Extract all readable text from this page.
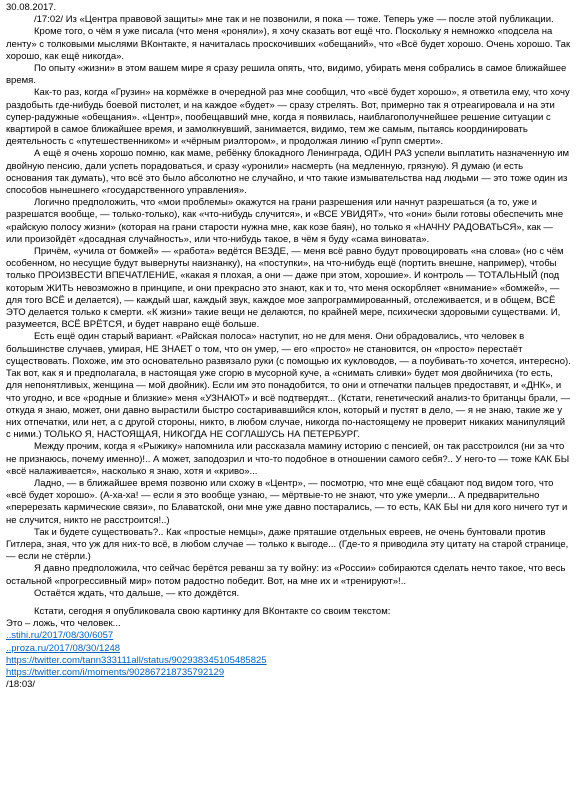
30.08.2017.

/17:02/ Из «Центра правовой защиты» мне так и не позвонили, я пока — тоже. Теперь уже — после этой публикации.

Кроме того, о чём я уже писала (что меня «роняли»), я хочу сказать вот ещё что. Поскольку я немножко «подсела на ленту» с толковыми мыслями ВКонтакте, я начиталась проскочивших «обещаний», что «Всё будет хорошо. Очень хорошо. Так хорошо, как ещё никогда».

По опыту «жизни» в этом вашем мире я сразу решила опять, что, видимо, убирать меня собрались в самое ближайшее время.

Как-то раз, когда «Грузин» на кормёжке в очередной раз мне сообщил, что «всё будет хорошо», я ответила ему, что хочу раздобыть где-нибудь боевой пистолет, и на каждое «будет» — сразу стрелять. Вот, примерно так я отреагировала и на эти супер-радужные «обещания». «Центр», пообещавший мне, когда я появилась, наиблагополучнейшее решение ситуации с квартирой в самое ближайшее время, и замолкнувший, занимается, видимо, тем же самым, пытаясь координировать деятельность с «путешественником» и «чёрным риэлтором», и продолжая линию «Групп смерти».

А ещё я очень хорошо помню, как маме, ребёнку блокадного Ленинграда, ОДИН РАЗ успели выплатить назначенную им двойную пенсию, дали успеть порадоваться, и сразу «уронили» насмерть (на медленную, грязную). Я думаю (и есть основания так думать), что всё это было абсолютно не случайно, и что такие измывательства над людьми — это тоже один из способов нынешнего «государственного управления».

Логично предположить, что «мои проблемы» окажутся на грани разрешения или начнут разрешаться (а то, уже и разрешатся вообще, — только-только), как «что-нибудь случится», и «ВСЕ УВИДЯТ», что «они» были готовы обеспечить мне «райскую полосу жизни» (которая на грани старости нужна мне, как козе баян), но только я «НАЧНУ РАДОВАТЬСЯ», как — или произойдёт «досадная случайность», или что-нибудь такое, в чём я буду «сама виновата».

Причём, «учила от бомжей» — «работа» ведётся ВЕЗДЕ, — меня всё равно будут провоцировать «на слова» (но с чём особенном, но несущие будут вывернуты наизнанку), на «поступки», на что-нибудь ещё (портить внешне, например), чтобы только ПРОИЗВЕСТИ ВПЕЧАТЛЕНИЕ, «какая я плохая, а они — даже при этом, хорошие». И контроль — ТОТАЛЬНЫЙ (под которым ЖИТЬ невозможно в принципе, и они прекрасно это знают, как и то, что меня оскорбляет «внимание» «бомжей», — для того ВСЁ и делается), — каждый шаг, каждый звук, каждое мое запрограммированный, отслеживается, и в общем, ВСЁ ЭТО делается только к смерти. «К жизни» такие вещи не делаются, по крайней мере, психически здоровыми существами. И, разумеется, ВСЁ ВРЁТСЯ, и будет наврано ещё больше.

Есть ещё один старый вариант. «Райская полоса» наступит, но не для меня. Они обрадовались, что человек в большинстве случаев, умирая, НЕ ЗНАЕТ о том, что он умер, — его «просто» не становится, он «просто» перестаёт существовать. Похоже, им это основательно развязало руки (с помощью их кукловодов, — а поубивать-то хочется, интересно). Так вот, как я и предполагала, в настоящая уже сгорю в мусорной куче, а «снимать сливки» будет моя двойничиха (то есть, для непонятливых, женщина — мой двойник). Если им это понадобится, то они и отпечатки пальцев предоставят, и «ДНК», и что угодно, и все «родные и близкие» меня «УЗНАЮТ» и всё подтвердят... (Кстати, генетический анализ-то британцы брали, — откуда я знаю, может, они давно вырастили быстро состаривавшийся клон, который и пустят в дело, — я не знаю, такие же у них отпечатки, или нет, а с другой стороны, никто, в любом случае, никогда по-настоящему не проверит никаких манипуляций с ними.) ТОЛЬКО Я, НАСТОЯЩАЯ, НИКОГДА НЕ СОГЛАШУСЬ НА ПЕТЕРБУРГ.

Между прочим, когда я «Рыжику» напомнила или рассказала мамину историю с пенсией, он так расстроился (ни за что не признаюсь, почему именно)!.. А может, заподозрил и что-то подобное в отношении самого себя?.. У него-то — тоже КАК БЫ «всё налаживается», насколько я знаю, хотя и «криво»...

Ладно, — в ближайшее время позвоню или схожу в «Центр», — посмотрю, что мне ещё сбацают под видом того, что «всё будет хорошо». (А-ха-ха! — если я это вообще узнаю, — мёртвые-то не знают, что уже умерли... А предварительно «перерезать кармические связи», по Блаватской, они мне уже давно постарались, — то есть, КАК БЫ ни для кого ничего тут и не случится, никто не расстроится!..)

Так и будете существовать?.. Как «простые немцы», даже пряташие отдельных евреев, не очень бунтовали против Гитлера, зная, что уж для них-то всё, в любом случае — только к выгоде... (Где-то я приводила эту цитату на старой странице, — если не стёрли.)

Я давно предположила, что сейчас берётся реванш за ту войну: из «России» собираются сделать нечто такое, что весь остальной «прогрессивный мир» потом радостно победит. Вот, на мне их и «тренируют»!..

Остаётся ждать, что дальше, — кто дождётся.

Кстати, сегодня я опубликовала свою картинку для ВКонтакте со своим текстом:

Это – ложь, что человек...
..stihi.ru/2017/08/30/6057
..proza.ru/2017/08/30/1248
https://twitter.com/tann333111all/status/902938345105485825
https://twitter.com/i/moments/902867218735792129
/18:03/
